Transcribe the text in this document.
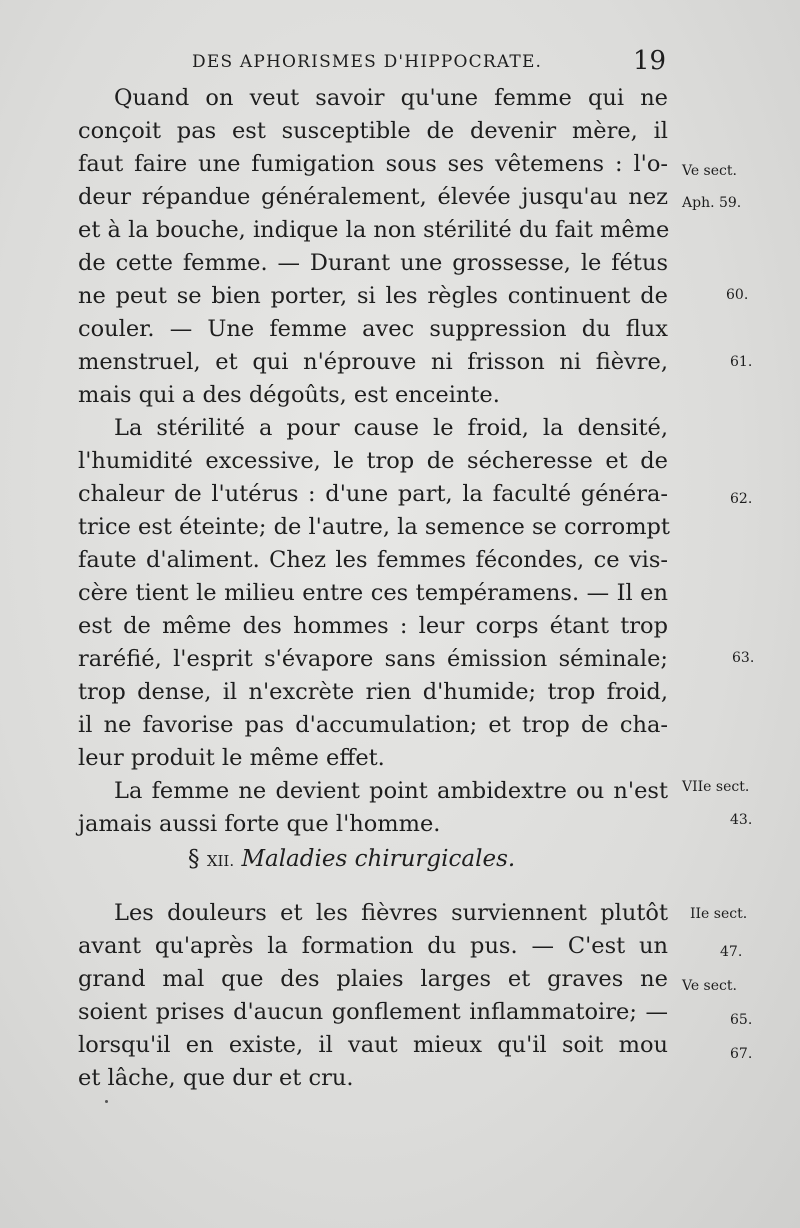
DES APHORISMES D'HIPPOCRATE.	19
Quand on veut savoir qu'une femme qui ne
conçoit pas est susceptible de devenir mère, il
faut faire une fumigation sous ses vêtemens : l'o-
deur répandue généralement, élevée jusqu'au nez
et à la bouche, indique la non stérilité du fait même
de cette femme. — Durant une grossesse, le fétus
ne peut se bien porter, si les règles continuent de
couler. — Une femme avec suppression du flux
menstruel, et qui n'éprouve ni frisson ni fièvre,
mais qui a des dégoûts, est enceinte.
La stérilité a pour cause le froid, la densité,
l'humidité excessive, le trop de sécheresse et de
chaleur de l'utérus : d'une part, la faculté généra-
trice est éteinte; de l'autre, la semence se corrompt
faute d'aliment. Chez les femmes fécondes, ce vis-
cère tient le milieu entre ces tempéramens. — Il en
est de même des hommes : leur corps étant trop
raréfié, l'esprit s'évapore sans émission séminale;
trop dense, il n'excrète rien d'humide; trop froid,
il ne favorise pas d'accumulation; et trop de cha-
leur produit le même effet.
La femme ne devient point ambidextre ou n'est
jamais aussi forte que l'homme.
§ XII. Maladies chirurgicales.
Les douleurs et les fièvres surviennent plutôt
avant qu'après la formation du pus. — C'est un
grand mal que des plaies larges et graves ne
soient prises d'aucun gonflement inflammatoire; —
lorsqu'il en existe, il vaut mieux qu'il soit mou
et lâche, que dur et cru.
Ve sect.
Aph. 59.
60.
61.
62.
63.
VIIe sect.
43.
IIe sect.
47.
Ve sect.
65.
67.
